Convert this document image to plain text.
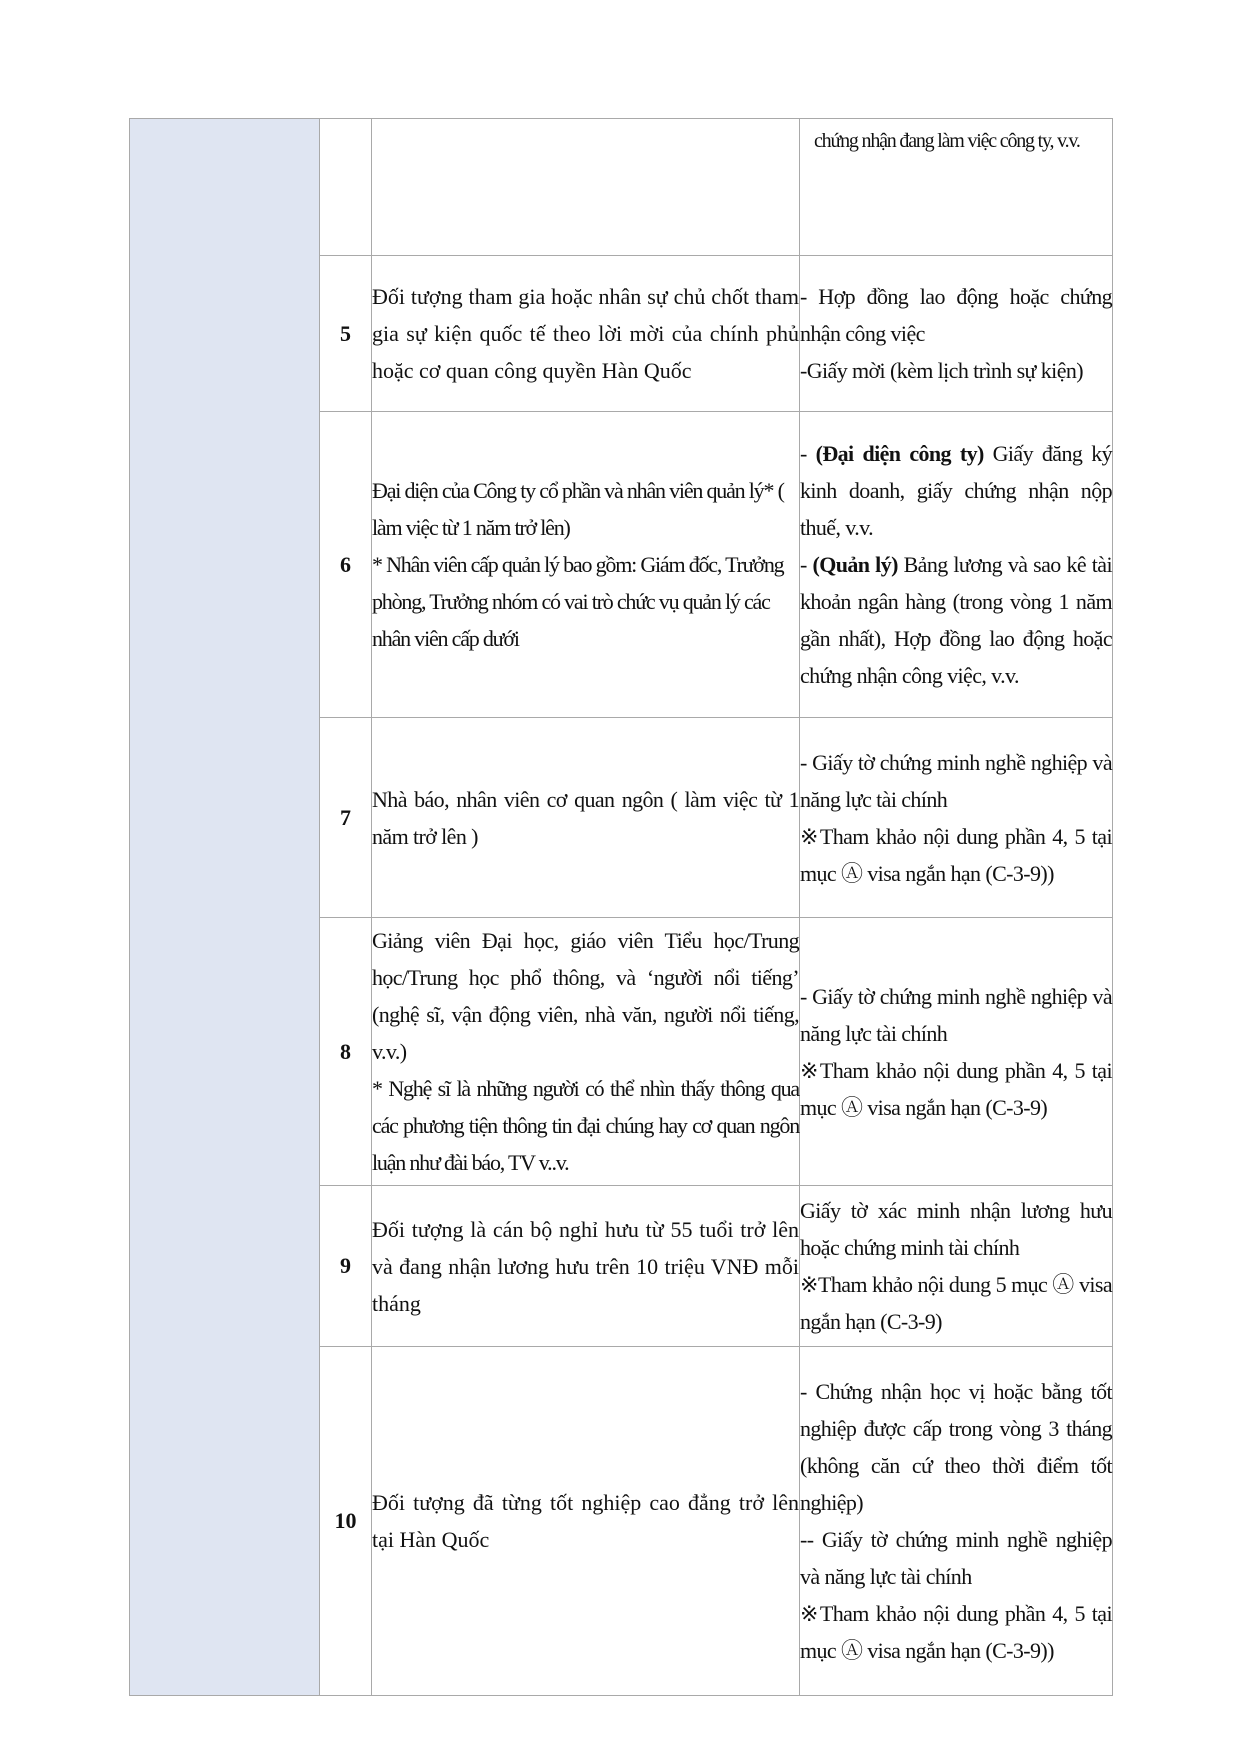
			chứng nhận đang làm việc công ty, v.v.

	5	Đối tượng tham gia hoặc nhân sự chủ chốt tham gia sự kiện quốc tế theo lời mời của chính phủ hoặc cơ quan công quyền Hàn Quốc	- Hợp đồng lao động hoặc chứng nhận công việc
-Giấy mời (kèm lịch trình sự kiện)

	6	Đại diện của Công ty cổ phần và nhân viên quản lý* ( làm việc từ 1 năm trở lên)
* Nhân viên cấp quản lý bao gồm: Giám đốc, Trưởng phòng, Trưởng nhóm có vai trò chức vụ quản lý các nhân viên cấp dưới	- (Đại diện công ty) Giấy đăng ký kinh doanh, giấy chứng nhận nộp thuế, v.v.
- (Quản lý) Bảng lương và sao kê tài khoản ngân hàng (trong vòng 1 năm gần nhất), Hợp đồng lao động hoặc chứng nhận công việc, v.v.

	7	Nhà báo, nhân viên cơ quan ngôn ( làm việc từ 1 năm trở lên )	- Giấy tờ chứng minh nghề nghiệp và năng lực tài chính
※Tham khảo nội dung phần 4, 5 tại mục Ⓐ visa ngắn hạn (C-3-9))

	8	Giảng viên Đại học, giáo viên Tiểu học/Trung học/Trung học phổ thông, và ‘người nổi tiếng’ (nghệ sĩ, vận động viên, nhà văn, người nổi tiếng, v.v.)
* Nghệ sĩ là những người có thể nhìn thấy thông qua các phương tiện thông tin đại chúng hay cơ quan ngôn luận như đài báo, TV v..v.	- Giấy tờ chứng minh nghề nghiệp và năng lực tài chính
※Tham khảo nội dung phần 4, 5 tại mục Ⓐ visa ngắn hạn (C-3-9)

	9	Đối tượng là cán bộ nghỉ hưu từ 55 tuổi trở lên và đang nhận lương hưu trên 10 triệu VNĐ mỗi tháng	Giấy tờ xác minh nhận lương hưu hoặc chứng minh tài chính
※Tham khảo nội dung 5 mục Ⓐ visa ngắn hạn (C-3-9)

	10	Đối tượng đã từng tốt nghiệp cao đẳng trở lên tại Hàn Quốc	- Chứng nhận học vị hoặc bằng tốt nghiệp được cấp trong vòng 3 tháng (không căn cứ theo thời điểm tốt nghiệp)
-- Giấy tờ chứng minh nghề nghiệp và năng lực tài chính
※Tham khảo nội dung phần 4, 5 tại mục Ⓐ visa ngắn hạn (C-3-9))
